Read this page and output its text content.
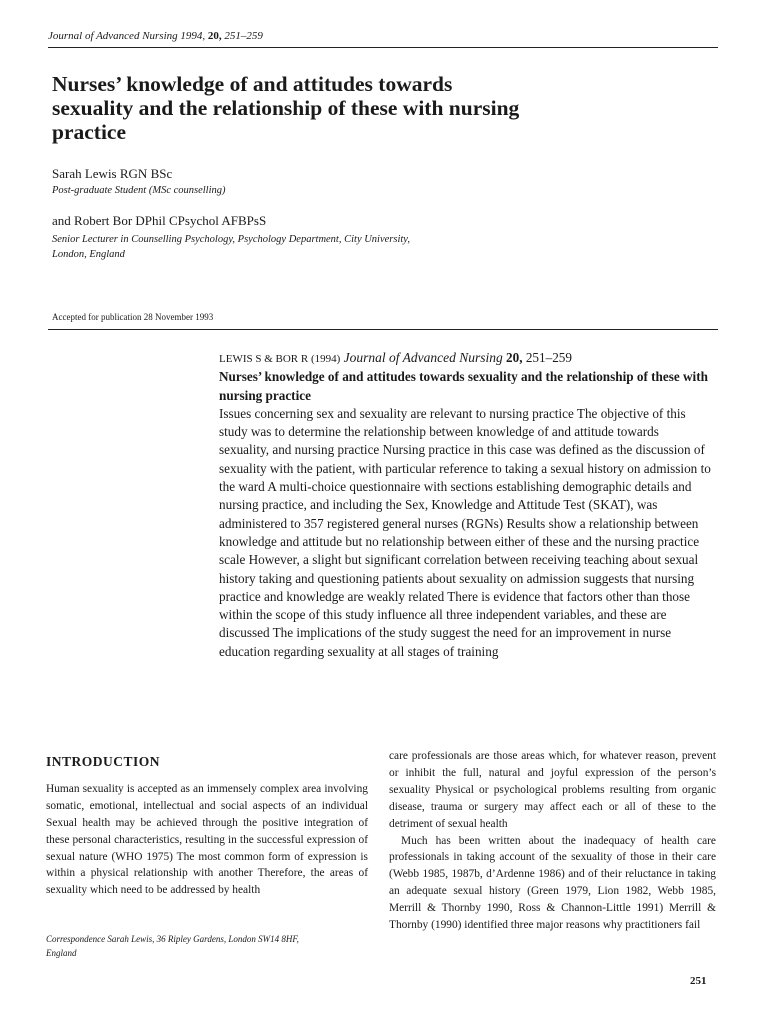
Journal of Advanced Nursing 1994, 20, 251–259
Nurses’ knowledge of and attitudes towards sexuality and the relationship of these with nursing practice
Sarah Lewis RGN BSc
Post-graduate Student (MSc counselling)
and Robert Bor DPhil CPsychol AFBPsS
Senior Lecturer in Counselling Psychology, Psychology Department, City University,
London, England
Accepted for publication 28 November 1993
LEWIS S & BOR R (1994) Journal of Advanced Nursing 20, 251–259
Nurses’ knowledge of and attitudes towards sexuality and the relationship of these with nursing practice
Issues concerning sex and sexuality are relevant to nursing practice The objective of this study was to determine the relationship between knowledge of and attitude towards sexuality, and nursing practice Nursing practice in this case was defined as the discussion of sexuality with the patient, with particular reference to taking a sexual history on admission to the ward A multi-choice questionnaire with sections establishing demographic details and nursing practice, and including the Sex, Knowledge and Attitude Test (SKAT), was administered to 357 registered general nurses (RGNs) Results show a relationship between knowledge and attitude but no relationship between either of these and the nursing practice scale However, a slight but significant correlation between receiving teaching about sexual history taking and questioning patients about sexuality on admission suggests that nursing practice and knowledge are weakly related There is evidence that factors other than those within the scope of this study influence all three independent variables, and these are discussed The implications of the study suggest the need for an improvement in nurse education regarding sexuality at all stages of training
INTRODUCTION

Human sexuality is accepted as an immensely complex area involving somatic, emotional, intellectual and social aspects of an individual Sexual health may be achieved through the positive integration of these personal characteristics, resulting in the successful expression of sexual nature (WHO 1975) The most common form of expression is within a physical relationship with another Therefore, the areas of sexuality which need to be addressed by health

care professionals are those areas which, for whatever reason, prevent or inhibit the full, natural and joyful expression of the person’s sexuality Physical or psychological problems resulting from organic disease, trauma or surgery may affect each or all of these to the detriment of sexual health

Much has been written about the inadequacy of health care professionals in taking account of the sexuality of those in their care (Webb 1985, 1987b, d’Ardenne 1986) and of their reluctance in taking an adequate sexual history (Green 1979, Lion 1982, Webb 1985, Merrill & Thornby 1990, Ross & Channon-Little 1991) Merrill & Thornby (1990) identified three major reasons why practitioners fail

Correspondence Sarah Lewis, 36 Ripley Gardens, London SW14 8HF,
England
251
